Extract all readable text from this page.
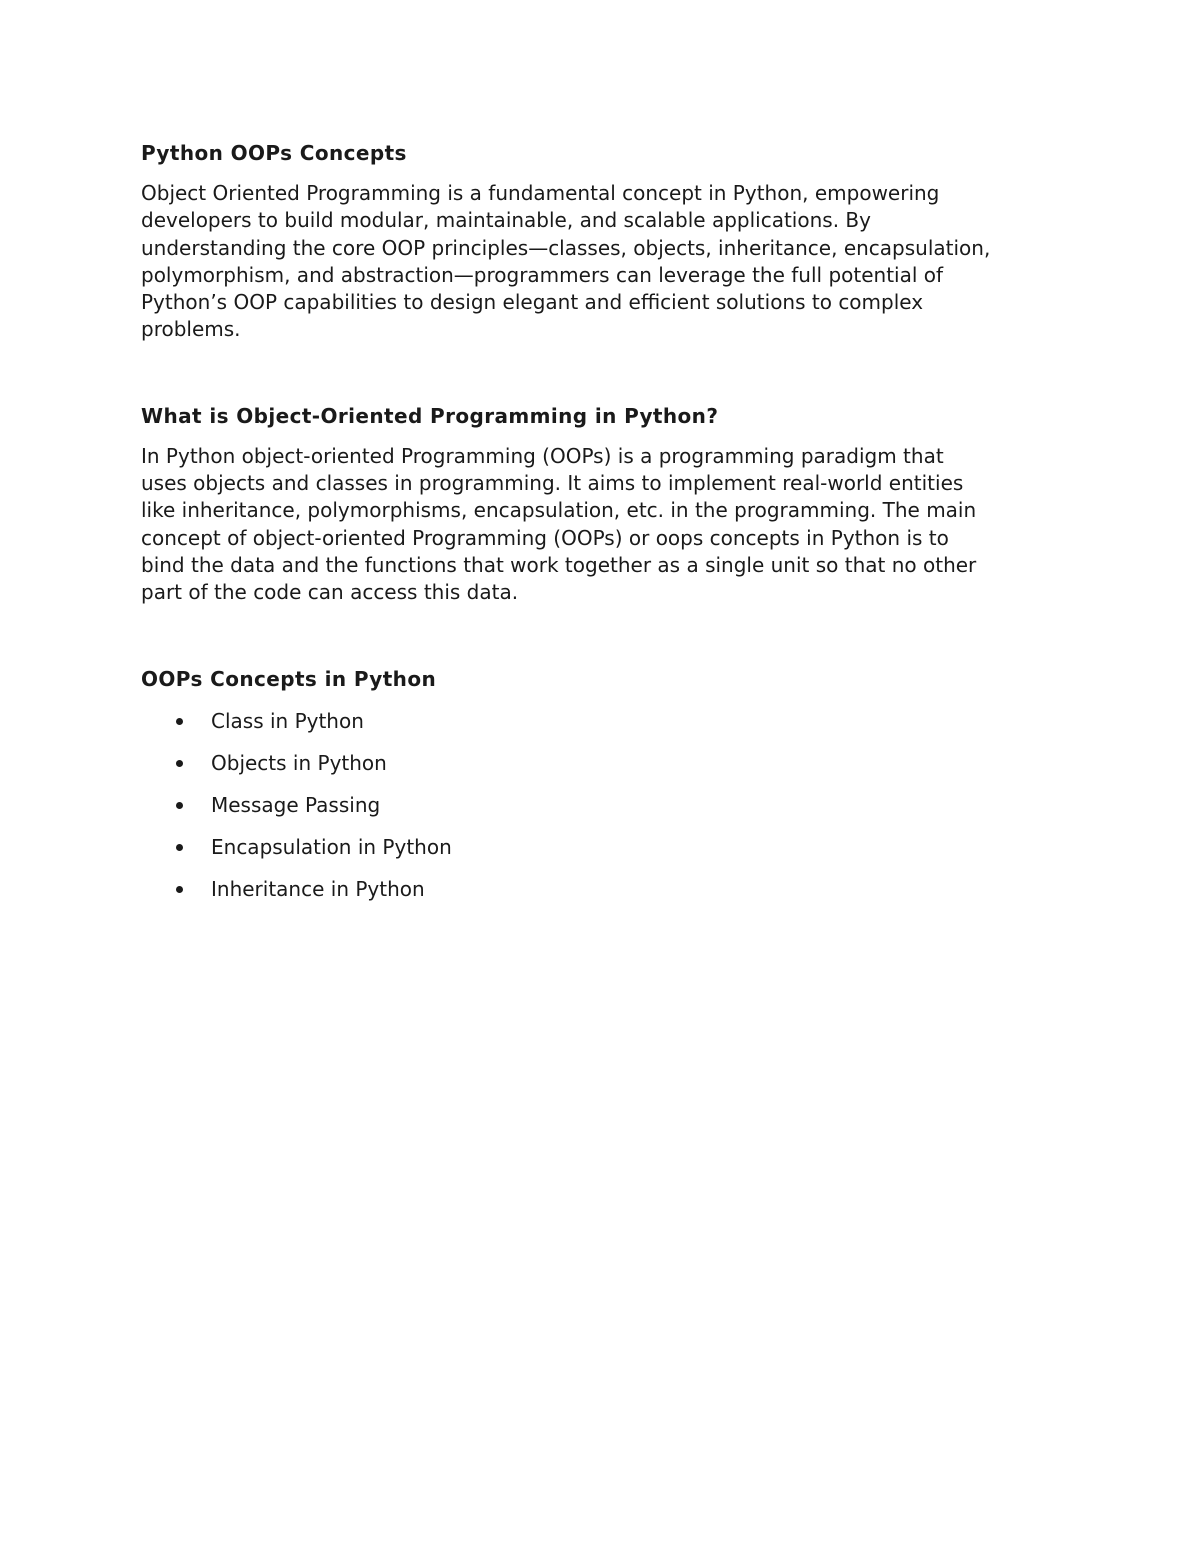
Python OOPs Concepts

Object Oriented Programming is a fundamental concept in Python, empowering
developers to build modular, maintainable, and scalable applications. By
understanding the core OOP principles—classes, objects, inheritance, encapsulation,
polymorphism, and abstraction—programmers can leverage the full potential of
Python’s OOP capabilities to design elegant and efficient solutions to complex
problems.

What is Object-Oriented Programming in Python?

In Python object-oriented Programming (OOPs) is a programming paradigm that
uses objects and classes in programming. It aims to implement real-world entities
like inheritance, polymorphisms, encapsulation, etc. in the programming. The main
concept of object-oriented Programming (OOPs) or oops concepts in Python is to
bind the data and the functions that work together as a single unit so that no other
part of the code can access this data.

OOPs Concepts in Python
Class in Python
Objects in Python
Message Passing
Encapsulation in Python
Inheritance in Python
